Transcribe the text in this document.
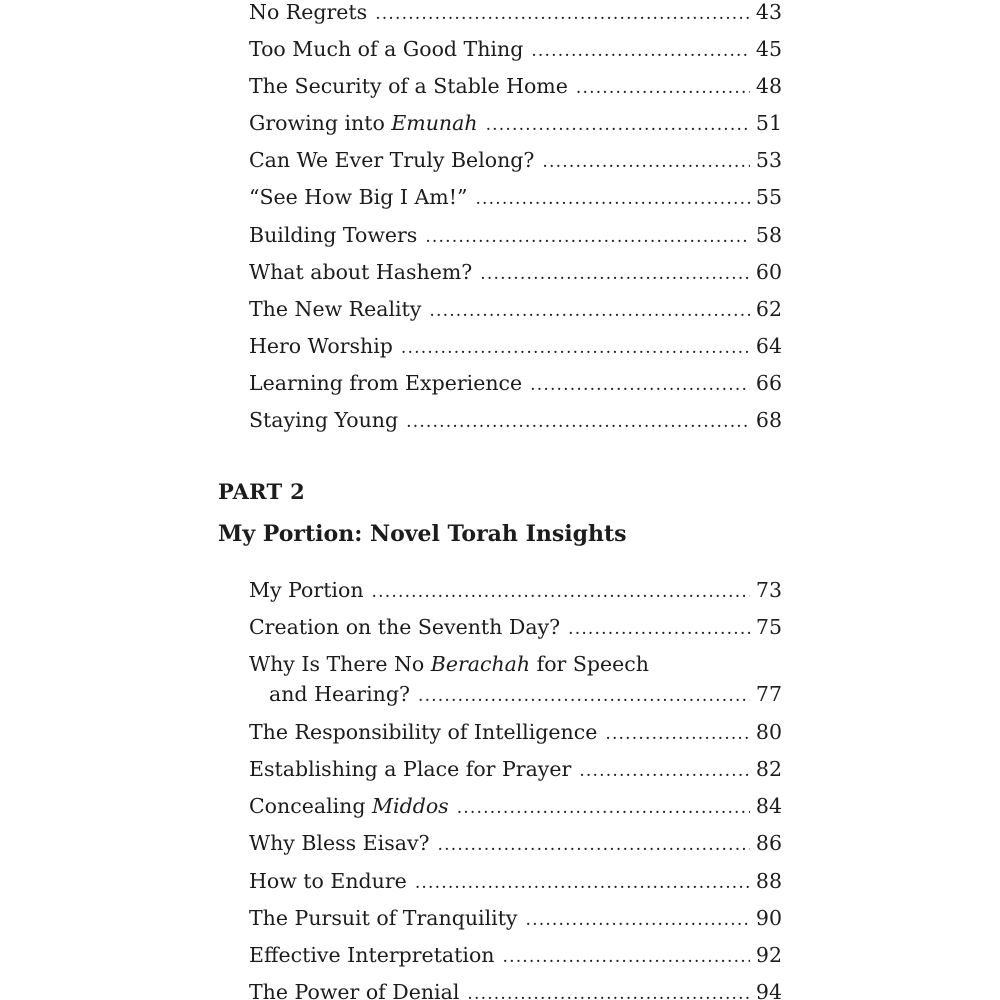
No Regrets .....	43
Too Much of a Good Thing .....	45
The Security of a Stable Home .....	48
Growing into Emunah .....	51
Can We Ever Truly Belong? .....	53
“See How Big I Am!” .....	55
Building Towers .....	58
What about Hashem? .....	60
The New Reality .....	62
Hero Worship .....	64
Learning from Experience .....	66
Staying Young .....	68
PART 2
My Portion: Novel Torah Insights
My Portion .....	73
Creation on the Seventh Day? .....	75
Why Is There No Berachah for Speech
and Hearing? .....	77
The Responsibility of Intelligence .....	80
Establishing a Place for Prayer .....	82
Concealing Middos .....	84
Why Bless Eisav? .....	86
How to Endure .....	88
The Pursuit of Tranquility .....	90
Effective Interpretation .....	92
The Power of Denial .....	94
